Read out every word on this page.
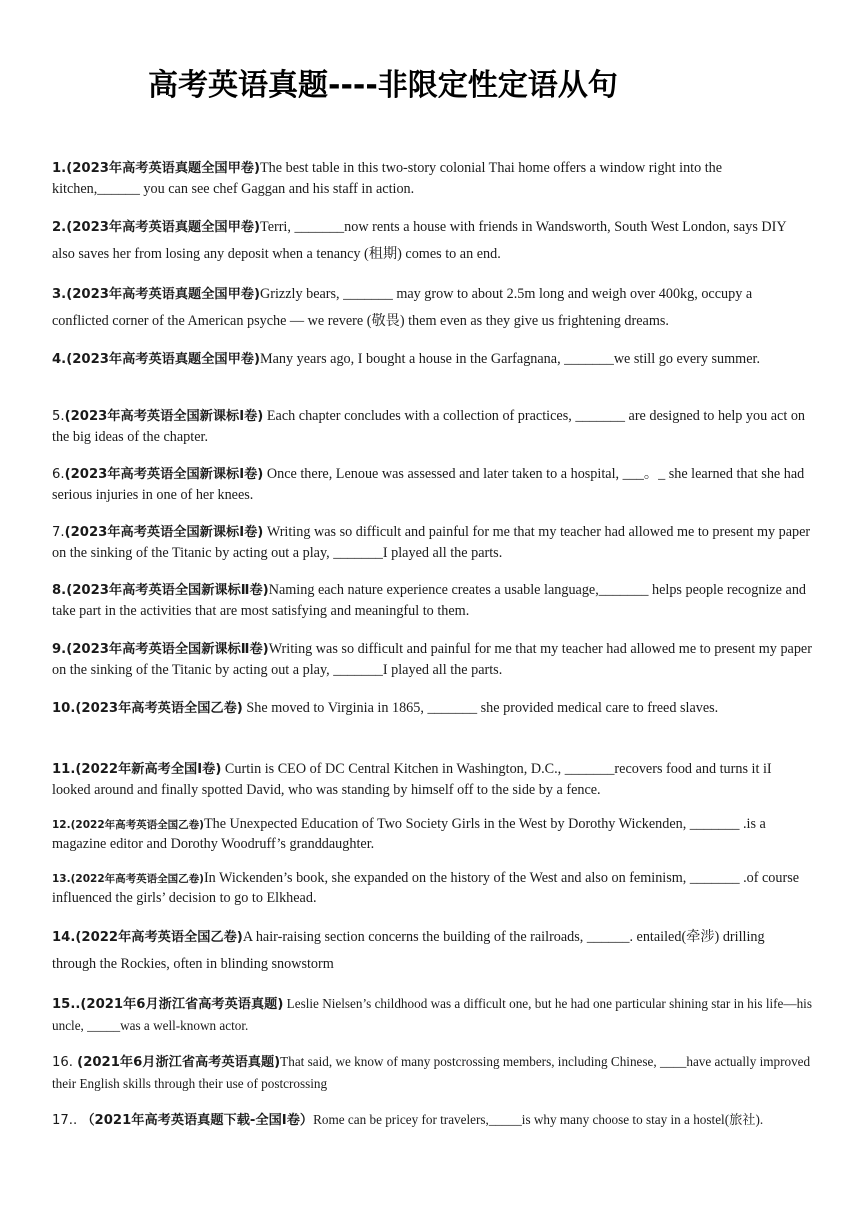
高考英语真题----非限定性定语从句

1.(2023年高考英语真题全国甲卷)The best table in this two-story colonial Thai home offers a window right into the kitchen,______ you can see chef Gaggan and his staff in action.

2.(2023年高考英语真题全国甲卷)Terri, _______now rents a house with friends in Wandsworth, South West London, says DIY also saves her from losing any deposit when a tenancy (租期) comes to an end.

3.(2023年高考英语真题全国甲卷)Grizzly bears, _______ may grow to about 2.5m long and weigh over 400kg, occupy a conflicted corner of the American psyche — we revere (敬畏) them even as they give us frightening dreams.

4.(2023年高考英语真题全国甲卷)Many years ago, I bought a house in the Garfagnana, _______we still go every summer.

5.(2023年高考英语全国新课标Ⅰ卷) Each chapter concludes with a collection of practices, _______ are designed to help you act on the big ideas of the chapter.

6.(2023年高考英语全国新课标Ⅰ卷) Once there, Lenoue was assessed and later taken to a hospital, ___。_ she learned that she had serious injuries in one of her knees.

7.(2023年高考英语全国新课标Ⅰ卷) Writing was so difficult and painful for me that my teacher had allowed me to present my paper on the sinking of the Titanic by acting out a play, _______I played all the parts.

8.(2023年高考英语全国新课标Ⅱ卷)Naming each nature experience creates a usable language,_______ helps people recognize and take part in the activities that are most satisfying and meaningful to them.

9.(2023年高考英语全国新课标Ⅱ卷)Writing was so difficult and painful for me that my teacher had allowed me to present my paper on the sinking of the Titanic by acting out a play, _______I played all the parts.

10.(2023年高考英语全国乙卷) She moved to Virginia in 1865, _______ she provided medical care to freed slaves.

11.(2022年新高考全国Ⅰ卷) Curtin is CEO of DC Central Kitchen in Washington, D.C., _______recovers food and turns it iI looked around and finally spotted David, who was standing by himself off to the side by a fence.

12.(2022年高考英语全国乙卷)The Unexpected Education of Two Society Girls in the West by Dorothy Wickenden, _______ .is a magazine editor and Dorothy Woodruff’s granddaughter.

13.(2022年高考英语全国乙卷)In Wickenden’s book, she expanded on the history of the West and also on feminism, _______ .of course influenced the girls’ decision to go to Elkhead.

14.(2022年高考英语全国乙卷)A hair-raising section concerns the building of the railroads, ______. entailed(牵涉) drilling through the Rockies, often in blinding snowstorm

15..(2021年6月浙江省高考英语真题) Leslie Nielsen’s childhood was a difficult one, but he had one particular shining star in his life—his uncle, _____was a well-known actor.

16. (2021年6月浙江省高考英语真题)That said, we know of many postcrossing members, including Chinese, ____have actually improved their English skills through their use of postcrossing

17.. （2021年高考英语真题下载-全国Ⅰ卷）Rome can be pricey for travelers,_____is why many choose to stay in a hostel(旅社).
